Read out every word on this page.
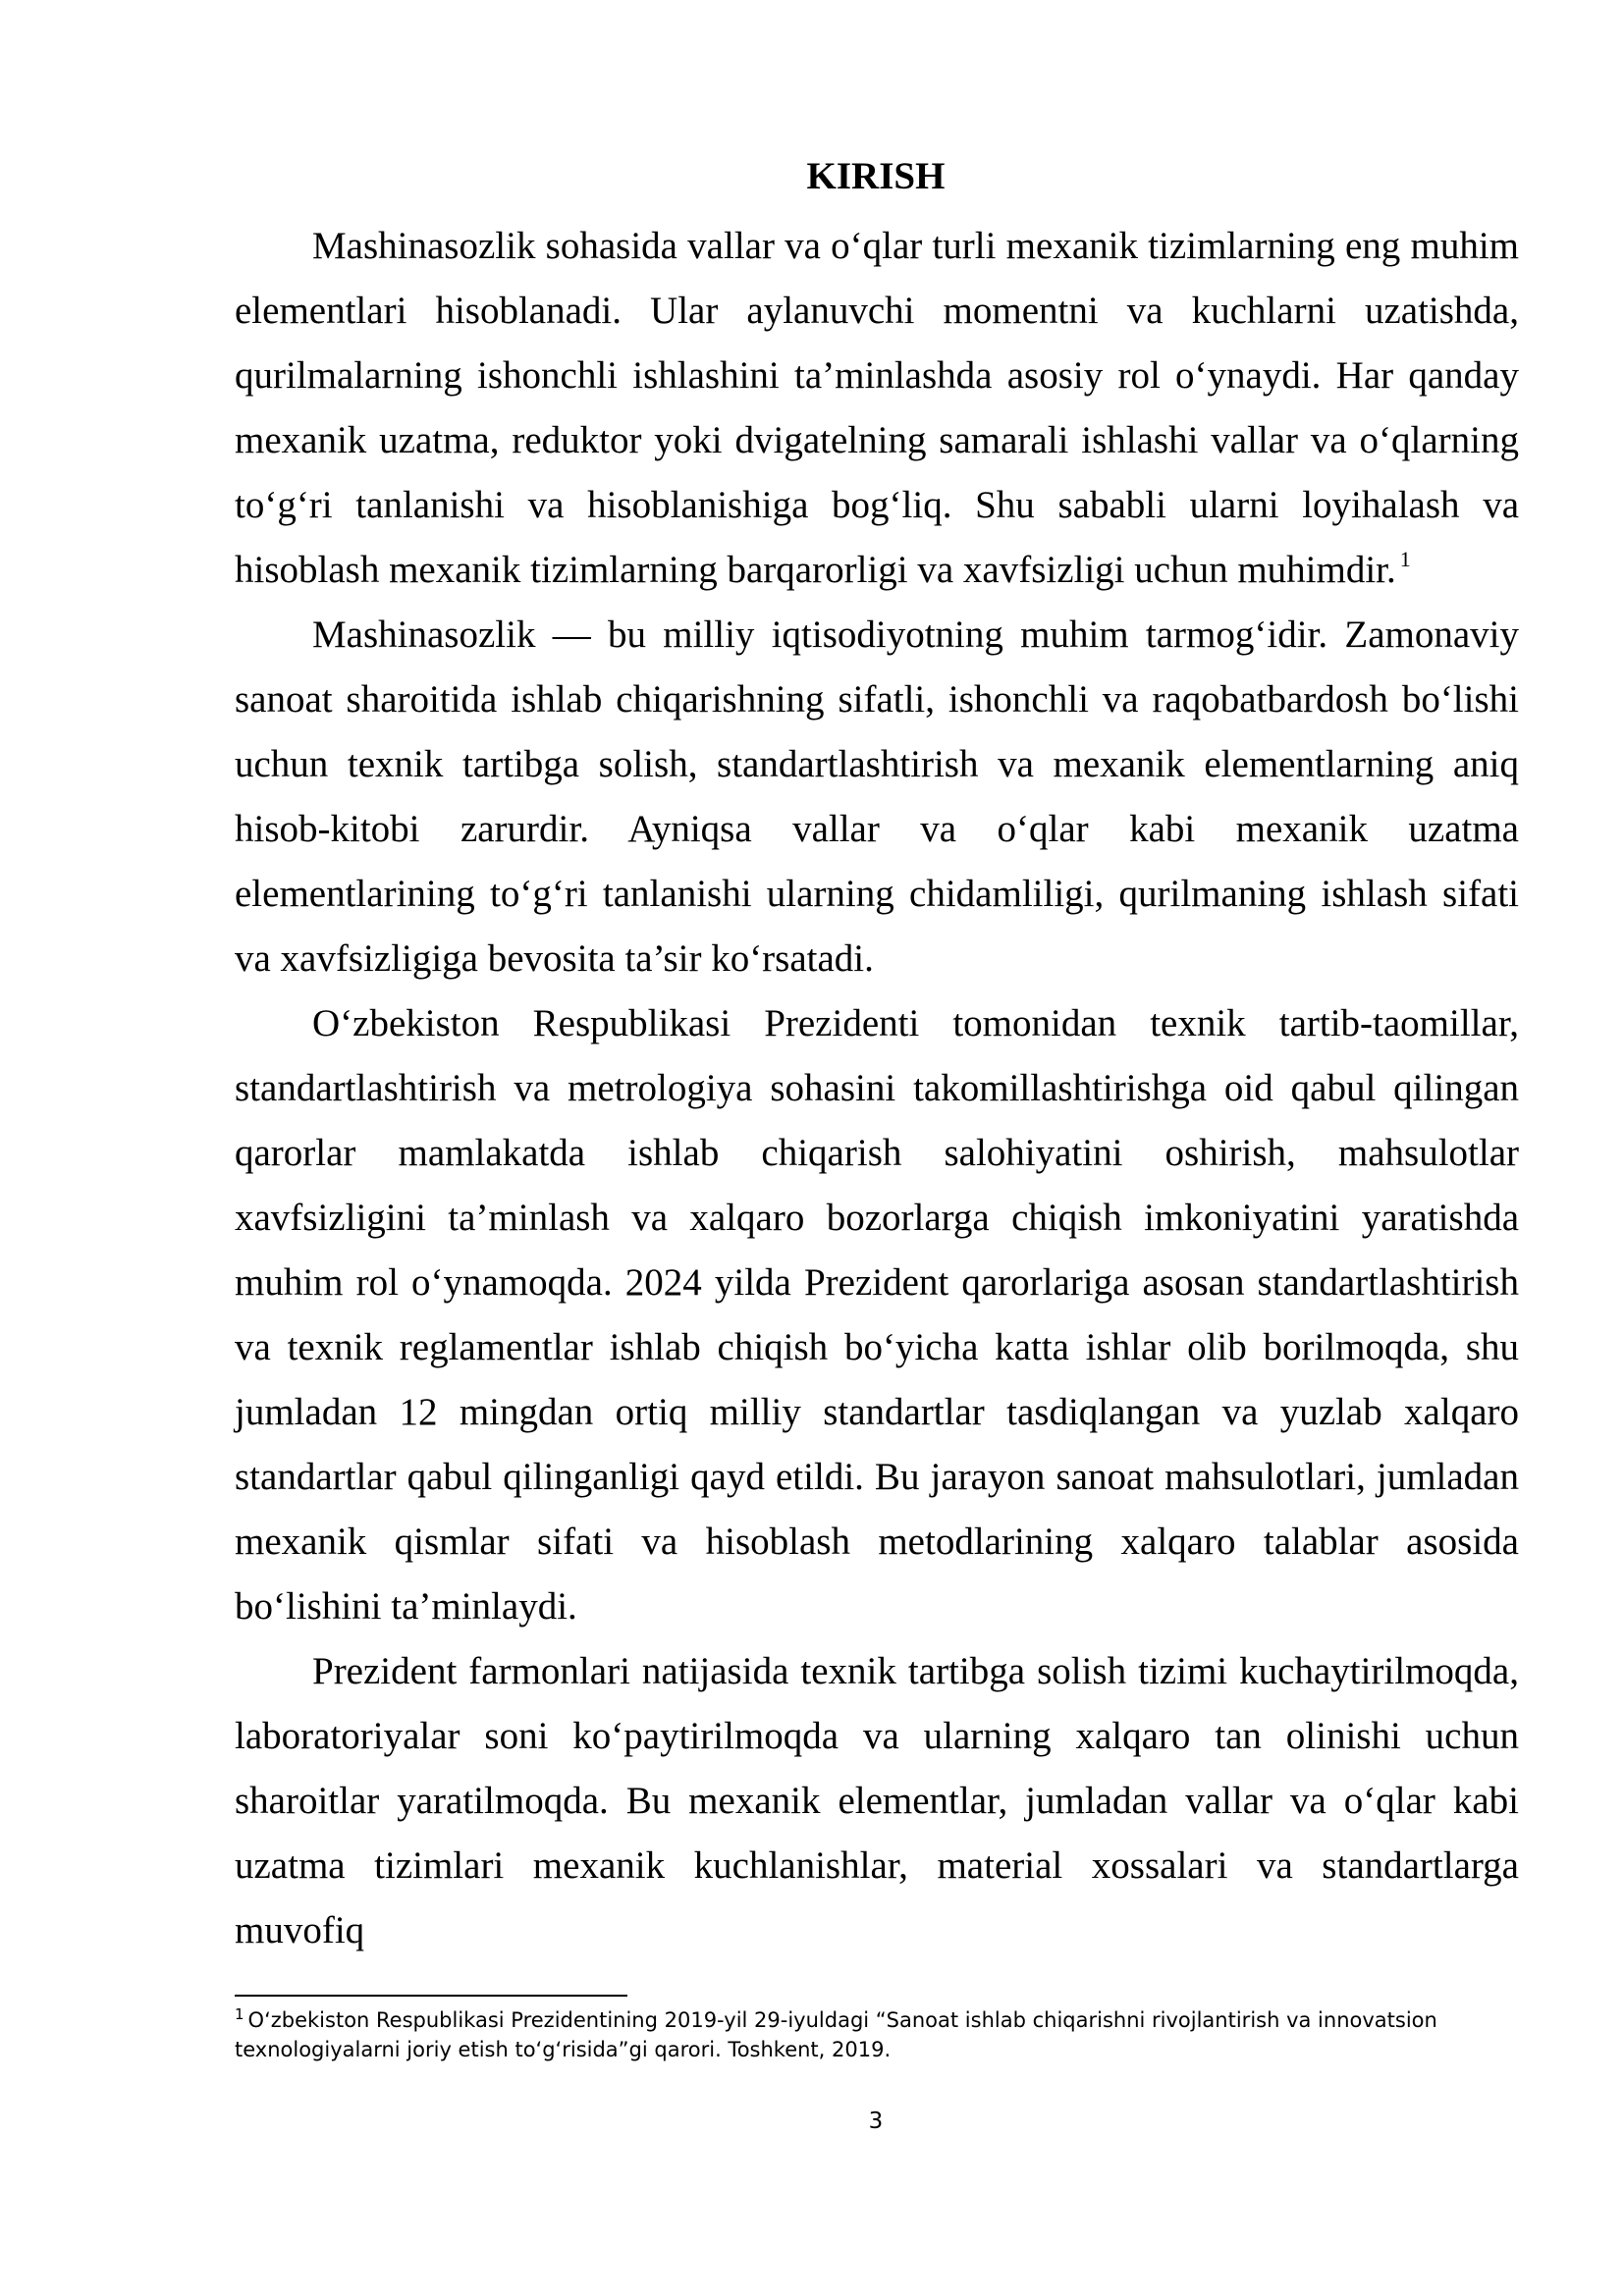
KIRISH

Mashinasozlik sohasida vallar va o‘qlar turli mexanik tizimlarning eng muhim elementlari hisoblanadi. Ular aylanuvchi momentni va kuchlarni uzatishda, qurilmalarning ishonchli ishlashini ta’minlashda asosiy rol o‘ynaydi. Har qanday mexanik uzatma, reduktor yoki dvigatelning samarali ishlashi vallar va o‘qlarning to‘g‘ri tanlanishi va hisoblanishiga bog‘liq. Shu sababli ularni loyihalash va hisoblash mexanik tizimlarning barqarorligi va xavfsizligi uchun muhimdir. $^1$

Mashinasozlik — bu milliy iqtisodiyotning muhim tarmog‘idir. Zamonaviy sanoat sharoitida ishlab chiqarishning sifatli, ishonchli va raqobatbardosh bo‘lishi uchun texnik tartibga solish, standartlashtirish va mexanik elementlarning aniq hisob-kitobi zarurdir. Ayniqsa vallar va o‘qlar kabi mexanik uzatma elementlarining to‘g‘ri tanlanishi ularning chidamliligi, qurilmaning ishlash sifati va xavfsizligiga bevosita ta’sir ko‘rsatadi.

O‘zbekiston Respublikasi Prezidenti tomonidan texnik tartib-taomillar, standartlashtirish va metrologiya sohasini takomillashtirishga oid qabul qilingan qarorlar mamlakatda ishlab chiqarish salohiyatini oshirish, mahsulotlar xavfsizligini ta’minlash va xalqaro bozorlarga chiqish imkoniyatini yaratishda muhim rol o‘ynamoqda. 2024 yilda Prezident qarorlariga asosan standartlashtirish va texnik reglamentlar ishlab chiqish bo‘yicha katta ishlar olib borilmoqda, shu jumladan 12 mingdan ortiq milliy standartlar tasdiqlangan va yuzlab xalqaro standartlar qabul qilinganligi qayd etildi. Bu jarayon sanoat mahsulotlari, jumladan mexanik qismlar sifati va hisoblash metodlarining xalqaro talablar asosida bo‘lishini ta’minlaydi.

Prezident farmonlari natijasida texnik tartibga solish tizimi kuchaytirilmoqda, laboratoriyalar soni ko‘paytirilmoqda va ularning xalqaro tan olinishi uchun sharoitlar yaratilmoqda. Bu mexanik elementlar, jumladan vallar va o‘qlar kabi uzatma tizimlari mexanik kuchlanishlar, material xossalari va standartlarga muvofiq

$^1$ O‘zbekiston Respublikasi Prezidentining 2019-yil 29-iyuldagi “Sanoat ishlab chiqarishni rivojlantirish va innovatsion texnologiyalarni joriy etish to‘g‘risida”gi qarori. Toshkent, 2019.
3
